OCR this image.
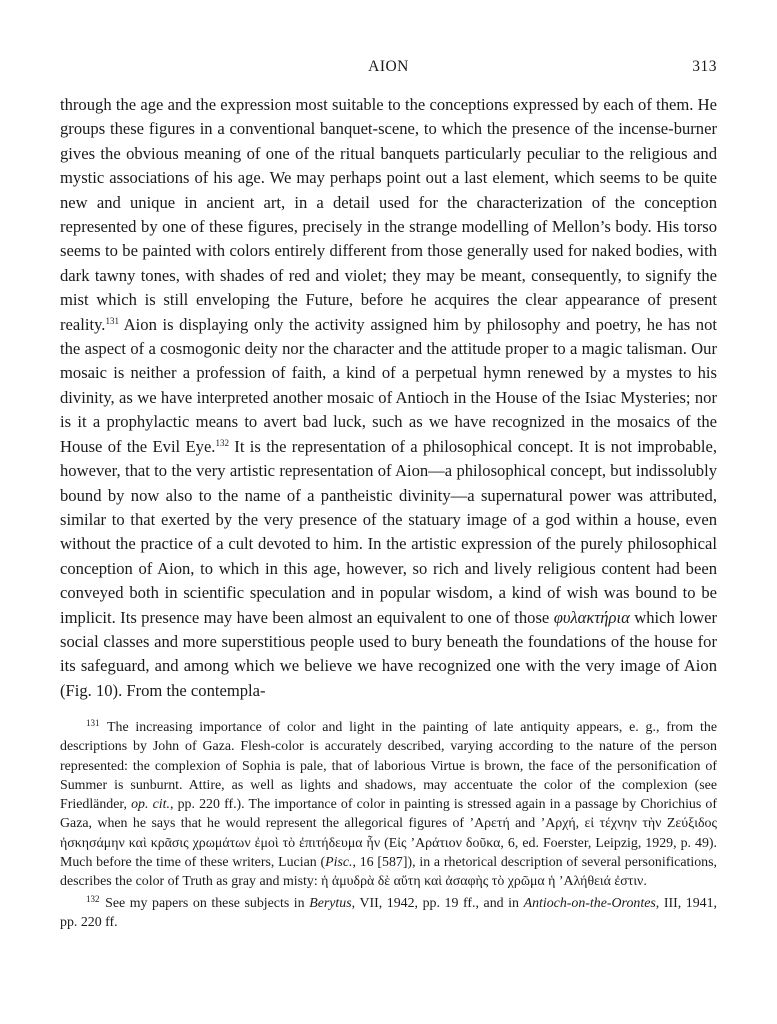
AION	313

through the age and the expression most suitable to the conceptions expressed by each of them. He groups these figures in a conventional banquet-scene, to which the presence of the incense-burner gives the obvious meaning of one of the ritual banquets particularly peculiar to the religious and mystic associations of his age. We may perhaps point out a last element, which seems to be quite new and unique in ancient art, in a detail used for the characterization of the conception represented by one of these figures, precisely in the strange modelling of Mellon’s body. His torso seems to be painted with colors entirely different from those generally used for naked bodies, with dark tawny tones, with shades of red and violet; they may be meant, consequently, to signify the mist which is still enveloping the Future, before he acquires the clear appearance of present reality.$^{131}$ Aion is displaying only the activity assigned him by philosophy and poetry, he has not the aspect of a cosmogonic deity nor the character and the attitude proper to a magic talisman. Our mosaic is neither a profession of faith, a kind of a perpetual hymn renewed by a mystes to his divinity, as we have interpreted another mosaic of Antioch in the House of the Isiac Mysteries; nor is it a prophylactic means to avert bad luck, such as we have recognized in the mosaics of the House of the Evil Eye.$^{132}$ It is the representation of a philosophical concept. It is not improbable, however, that to the very artistic representation of Aion—a philosophical concept, but indissolubly bound by now also to the name of a pantheistic divinity—a supernatural power was attributed, similar to that exerted by the very presence of the statuary image of a god within a house, even without the practice of a cult devoted to him. In the artistic expression of the purely philosophical conception of Aion, to which in this age, however, so rich and lively religious content had been conveyed both in scientific speculation and in popular wisdom, a kind of wish was bound to be implicit. Its presence may have been almost an equivalent to one of those φυλακτήρια which lower social classes and more superstitious people used to bury beneath the foundations of the house for its safeguard, and among which we believe we have recognized one with the very image of Aion (Fig. 10). From the contempla-

$^{131}$ The increasing importance of color and light in the painting of late antiquity appears, e. g., from the descriptions by John of Gaza. Flesh-color is accurately described, varying according to the nature of the person represented: the complexion of Sophia is pale, that of laborious Virtue is brown, the face of the personification of Summer is sunburnt. Attire, as well as lights and shadows, may accentuate the color of the complexion (see Friedländer, op. cit., pp. 220 ff.). The importance of color in painting is stressed again in a passage by Chorichius of Gaza, when he says that he would represent the allegorical figures of ’Αρετή and ’Αρχή, εἰ τέχνην τὴν Ζεύξιδος ἠσκησάμην καὶ κρᾶσις χρωμάτων ἐμοὶ τὸ ἐπιτήδευμα ἦν (Εἰς ’Αράτιον δοῦκα, 6, ed. Foerster, Leipzig, 1929, p. 49). Much before the time of these writers, Lucian (Pisc., 16 [587]), in a rhetorical description of several personifications, describes the color of Truth as gray and misty: ἡ ἀμυδρὰ δὲ αὕτη καὶ ἀσαφὴς τὸ χρῶμα ἡ ’Αλήθειά ἐστιν.

$^{132}$ See my papers on these subjects in Berytus, VII, 1942, pp. 19 ff., and in Antioch-on-the-Orontes, III, 1941, pp. 220 ff.
